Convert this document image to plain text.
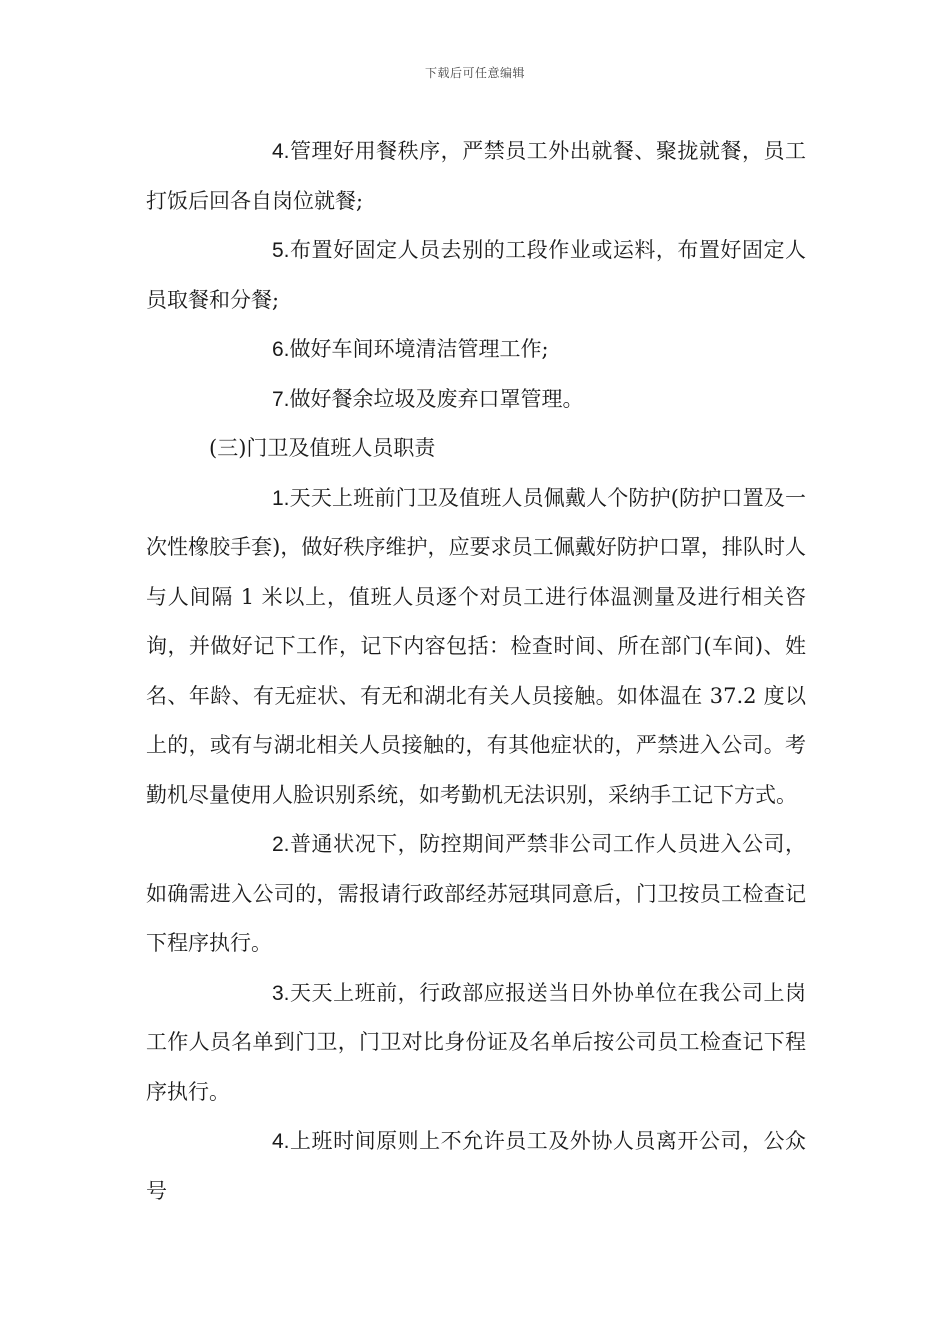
下载后可任意编辑

4.管理好用餐秩序，严禁员工外出就餐、聚拢就餐，员工打饭后回各自岗位就餐;

5.布置好固定人员去别的工段作业或运料，布置好固定人员取餐和分餐;

6.做好车间环境清洁管理工作;

7.做好餐余垃圾及废弃口罩管理。

(三)门卫及值班人员职责

1.天天上班前门卫及值班人员佩戴人个防护(防护口置及一次性橡胶手套)，做好秩序维护，应要求员工佩戴好防护口罩，排队时人与人间隔 1 米以上，值班人员逐个对员工进行体温测量及进行相关咨询，并做好记下工作，记下内容包括：检查时间、所在部门(车间)、姓名、年龄、有无症状、有无和湖北有关人员接触。如体温在 37.2 度以上的，或有与湖北相关人员接触的，有其他症状的，严禁进入公司。考勤机尽量使用人脸识别系统，如考勤机无法识别，采纳手工记下方式。

2.普通状况下，防控期间严禁非公司工作人员进入公司，如确需进入公司的，需报请行政部经苏冠琪同意后，门卫按员工检查记下程序执行。

3.天天上班前，行政部应报送当日外协单位在我公司上岗工作人员名单到门卫，门卫对比身份证及名单后按公司员工检查记下程序执行。

4.上班时间原则上不允许员工及外协人员离开公司，公众号
